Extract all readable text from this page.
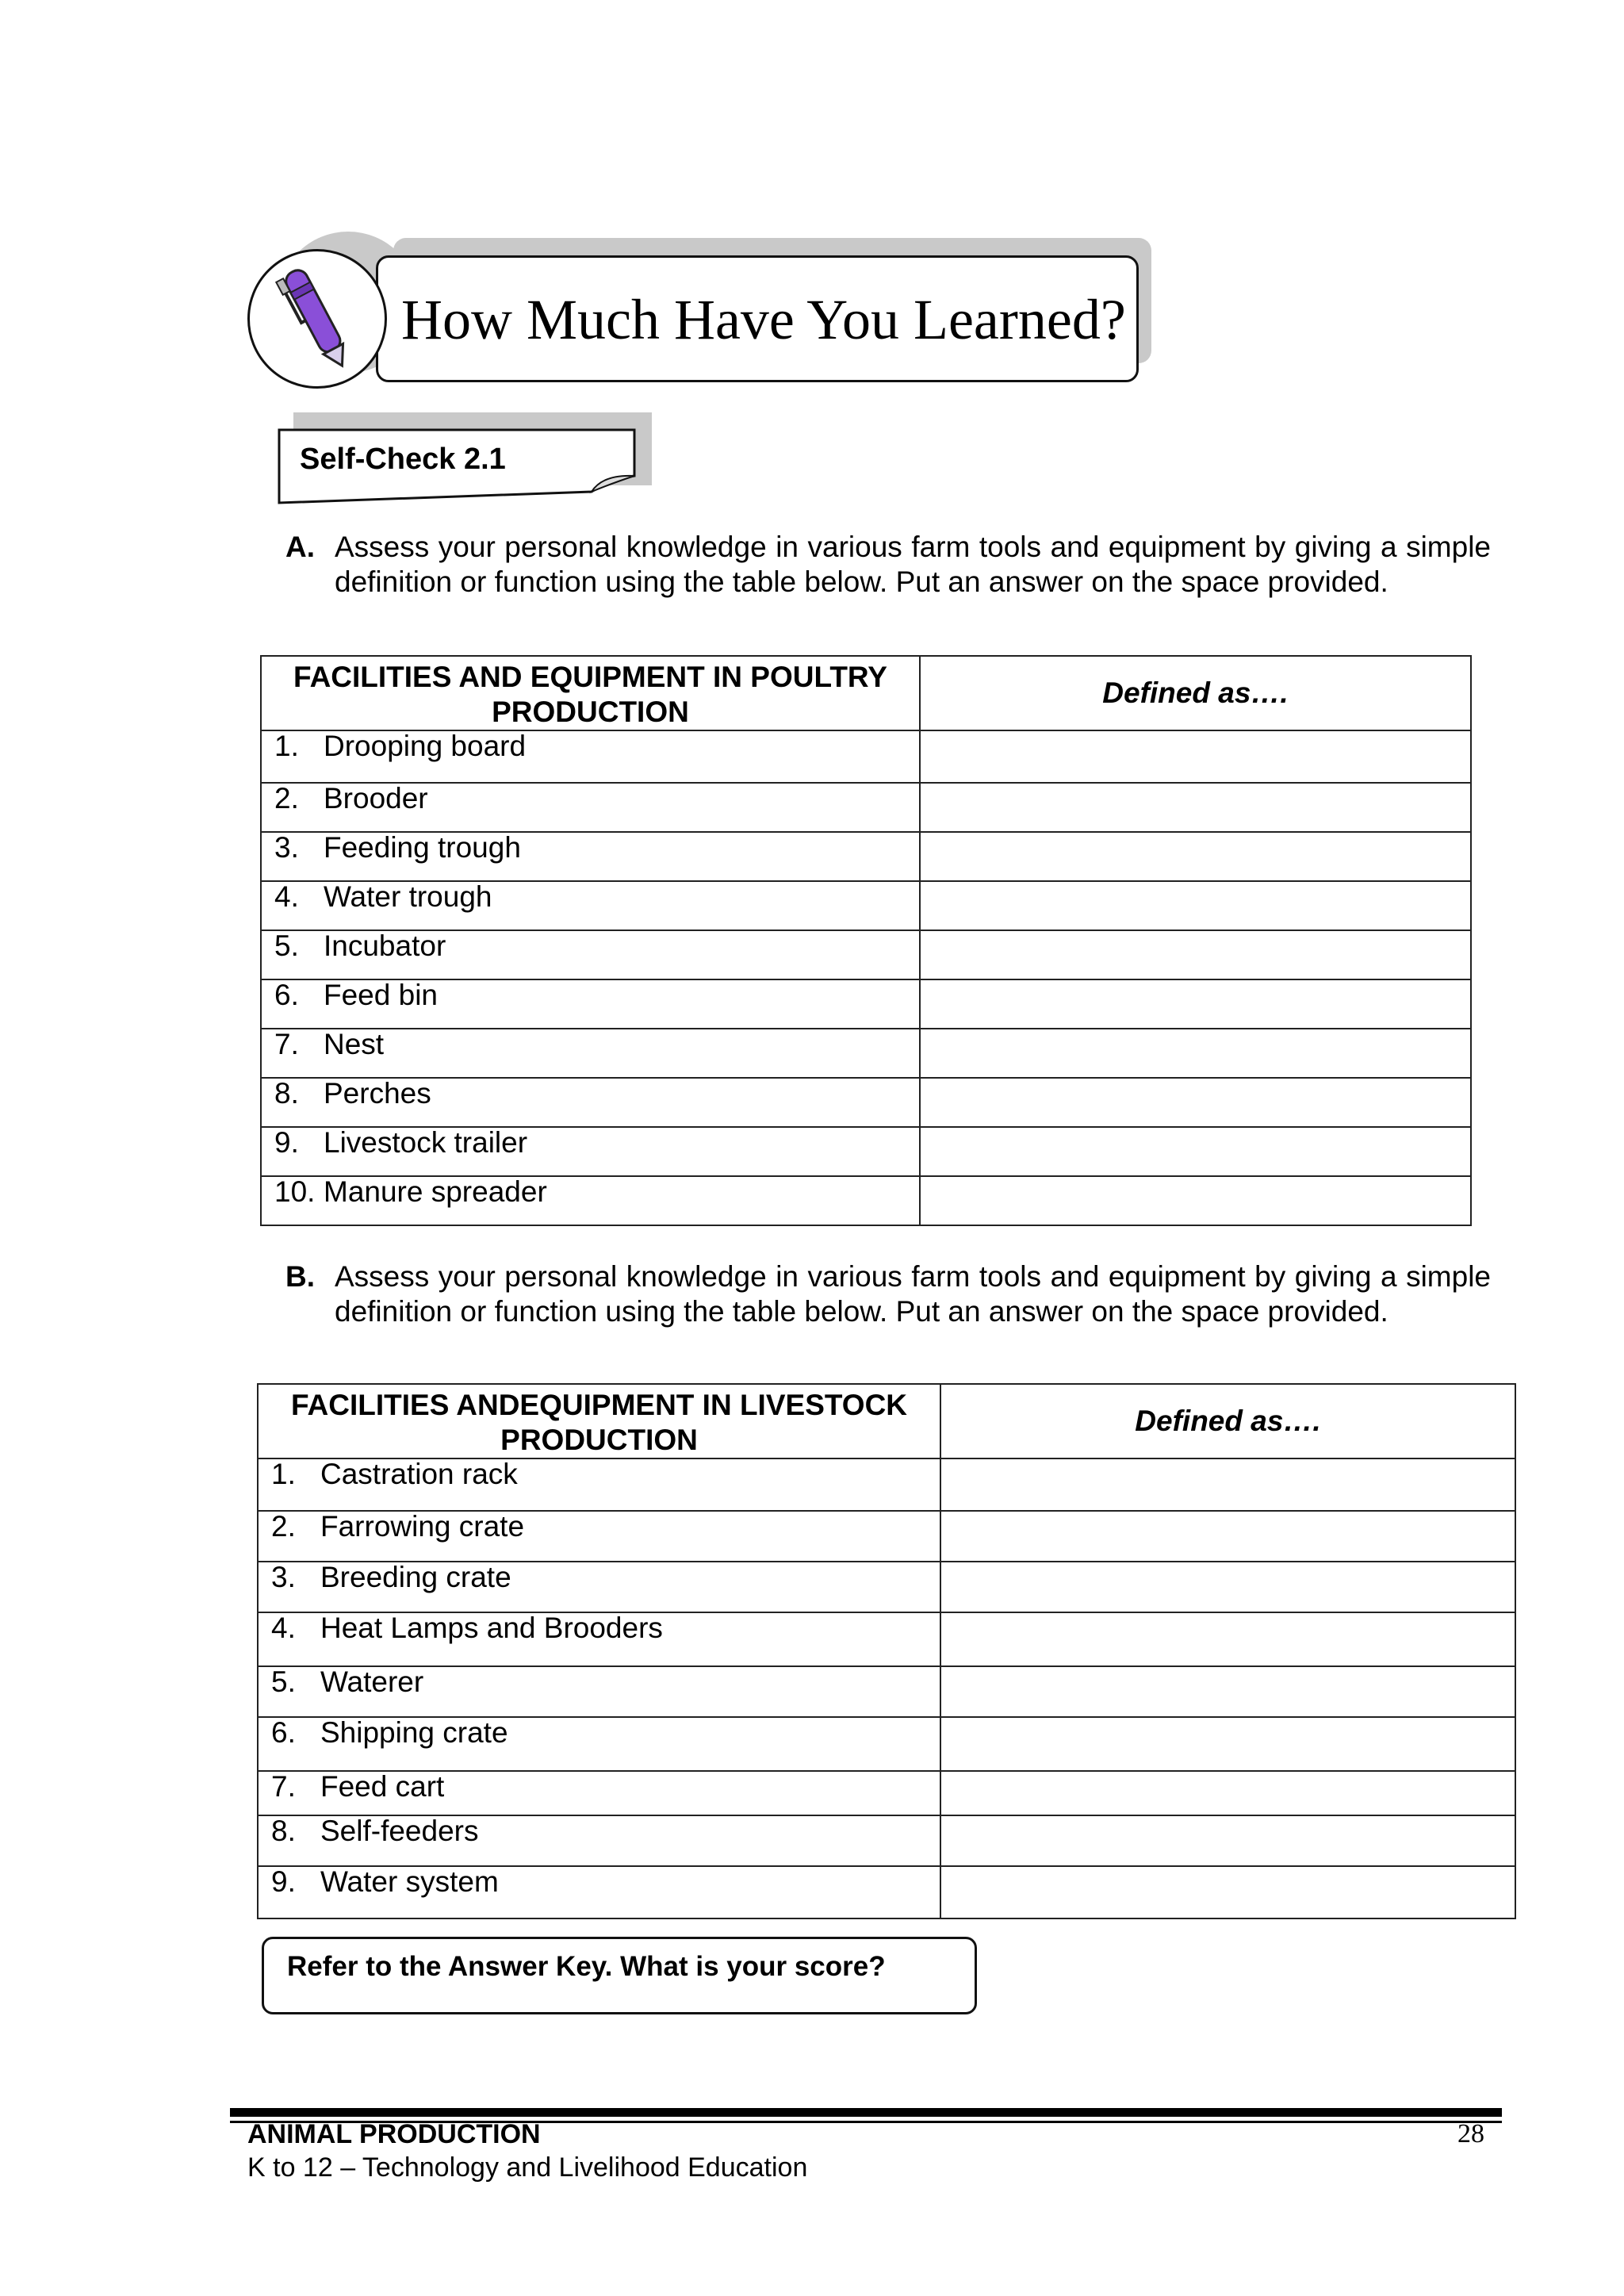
How Much Have You Learned?
Self-Check 2.1
A. Assess your personal knowledge in various farm tools and equipment by giving a simple definition or function using the table below. Put an answer on the space provided.
FACILITIES AND EQUIPMENT IN POULTRY PRODUCTION	Defined as….
1. Drooping board	
2. Brooder	
3. Feeding trough	
4. Water trough	
5. Incubator	
6. Feed bin	
7. Nest	
8. Perches	
9. Livestock trailer	
10. Manure spreader	
B. Assess your personal knowledge in various farm tools and equipment by giving a simple definition or function using the table below. Put an answer on the space provided.
FACILITIES ANDEQUIPMENT IN LIVESTOCK PRODUCTION	Defined as….
1. Castration rack	
2. Farrowing crate	
3. Breeding crate	
4. Heat Lamps and Brooders	
5. Waterer	
6. Shipping crate	
7. Feed cart	
8. Self-feeders	
9. Water system	
Refer to the Answer Key. What is your score?
ANIMAL PRODUCTION
K to 12 – Technology and Livelihood Education
28
